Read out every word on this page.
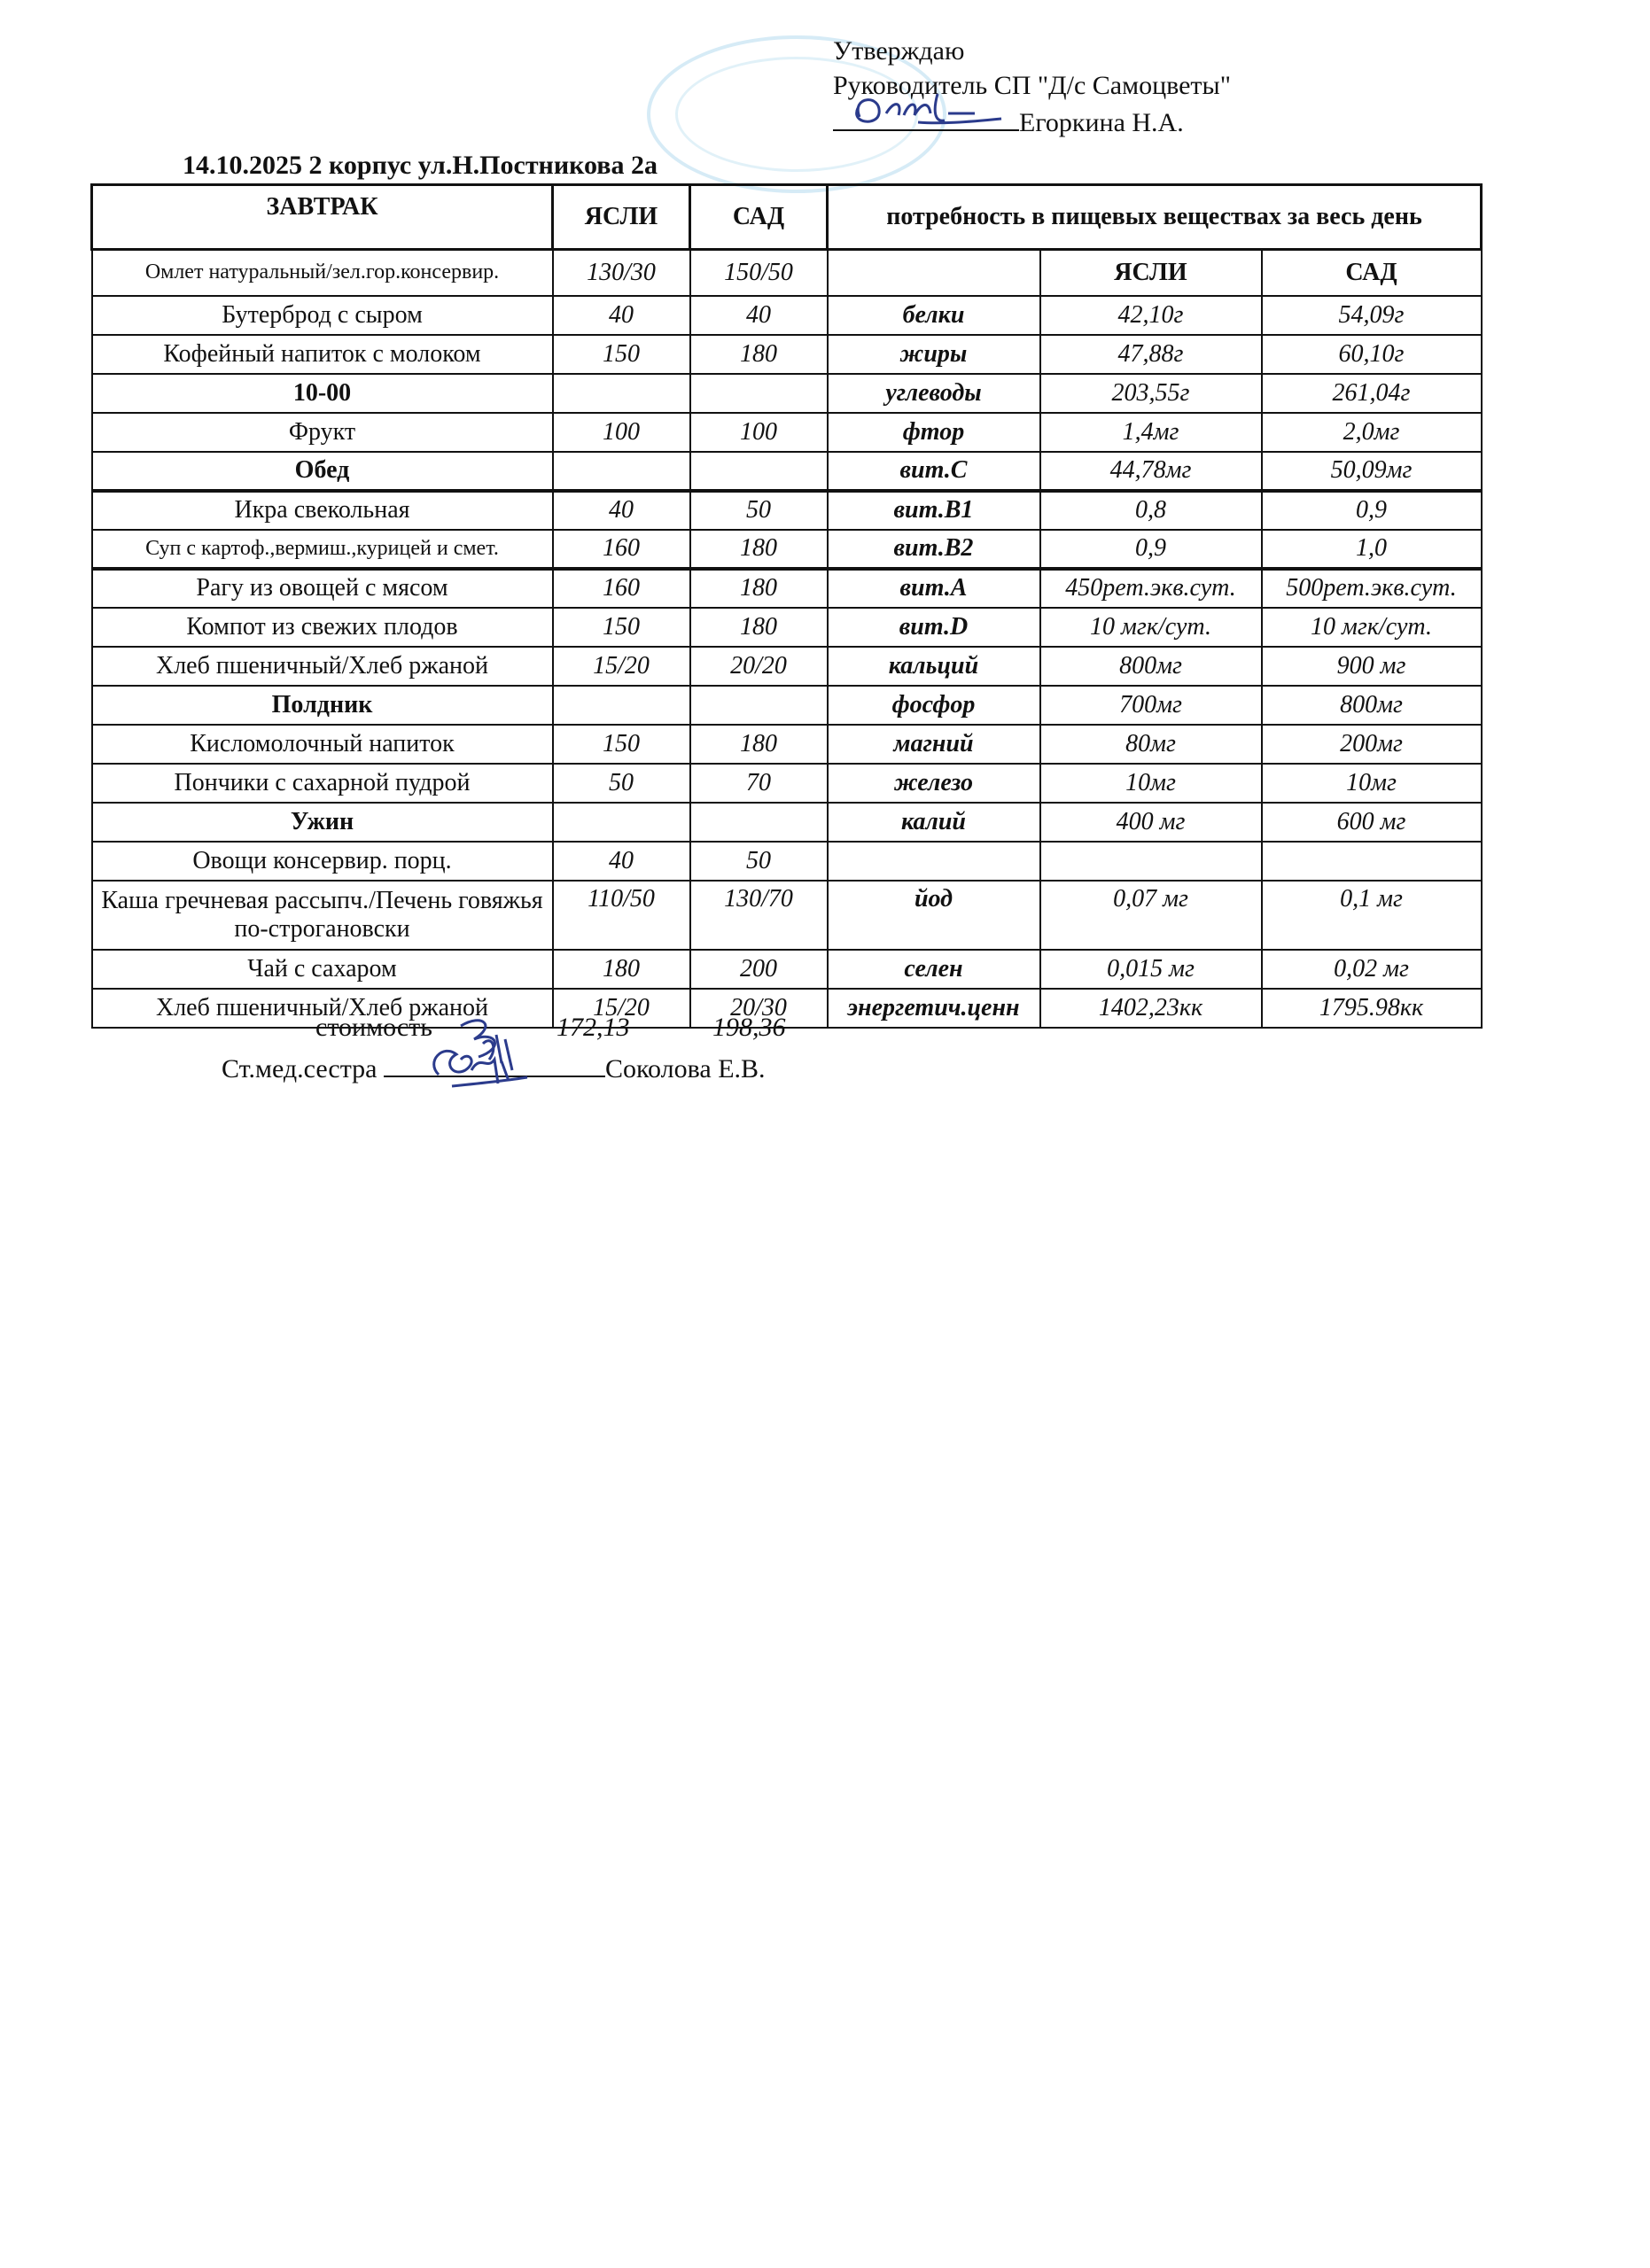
Утверждаю
Руководитель СП "Д/с Самоцветы"
Егоркина Н.А.
14.10.2025 2 корпус ул.Н.Постникова 2а
ЗАВТРАК	ЯСЛИ	САД	потребность в пищевых веществах за весь день		
Омлет натуральный/зел.гор.консервир.	130/30	150/50		ЯСЛИ	САД
Бутерброд с сыром	40	40	белки	42,10г	54,09г
Кофейный напиток с молоком	150	180	жиры	47,88г	60,10г
10-00			углеводы	203,55г	261,04г
Фрукт	100	100	фтор	1,4мг	2,0мг
Обед			вит.С	44,78мг	50,09мг
Икра свекольная	40	50	вит.В1	0,8	0,9
Суп с картоф.,вермиш.,курицей и смет.	160	180	вит.В2	0,9	1,0
Рагу из овощей с мясом	160	180	вит.А	450рет.экв.сут.	500рет.экв.сут.
Компот из свежих плодов	150	180	вит.D	10 мгк/сут.	10 мгк/сут.
Хлеб пшеничный/Хлеб ржаной	15/20	20/20	кальций	800мг	900 мг
Полдник			фосфор	700мг	800мг
Кисломолочный напиток	150	180	магний	80мг	200мг
Пончики с сахарной пудрой	50	70	железо	10мг	10мг
Ужин			калий	400 мг	600 мг
Овощи консервир. порц.	40	50			
Каша гречневая рассыпч./Печень говяжья по-строгановски	110/50	130/70	йод	0,07 мг	0,1 мг
Чай с сахаром	180	200	селен	0,015 мг	0,02 мг
Хлеб пшеничный/Хлеб ржаной	15/20	20/30	энергетич.ценн	1402,23кк	1795.98кк
стоимость	172,13	198,36
Ст.мед.сестра	Соколова Е.В.
